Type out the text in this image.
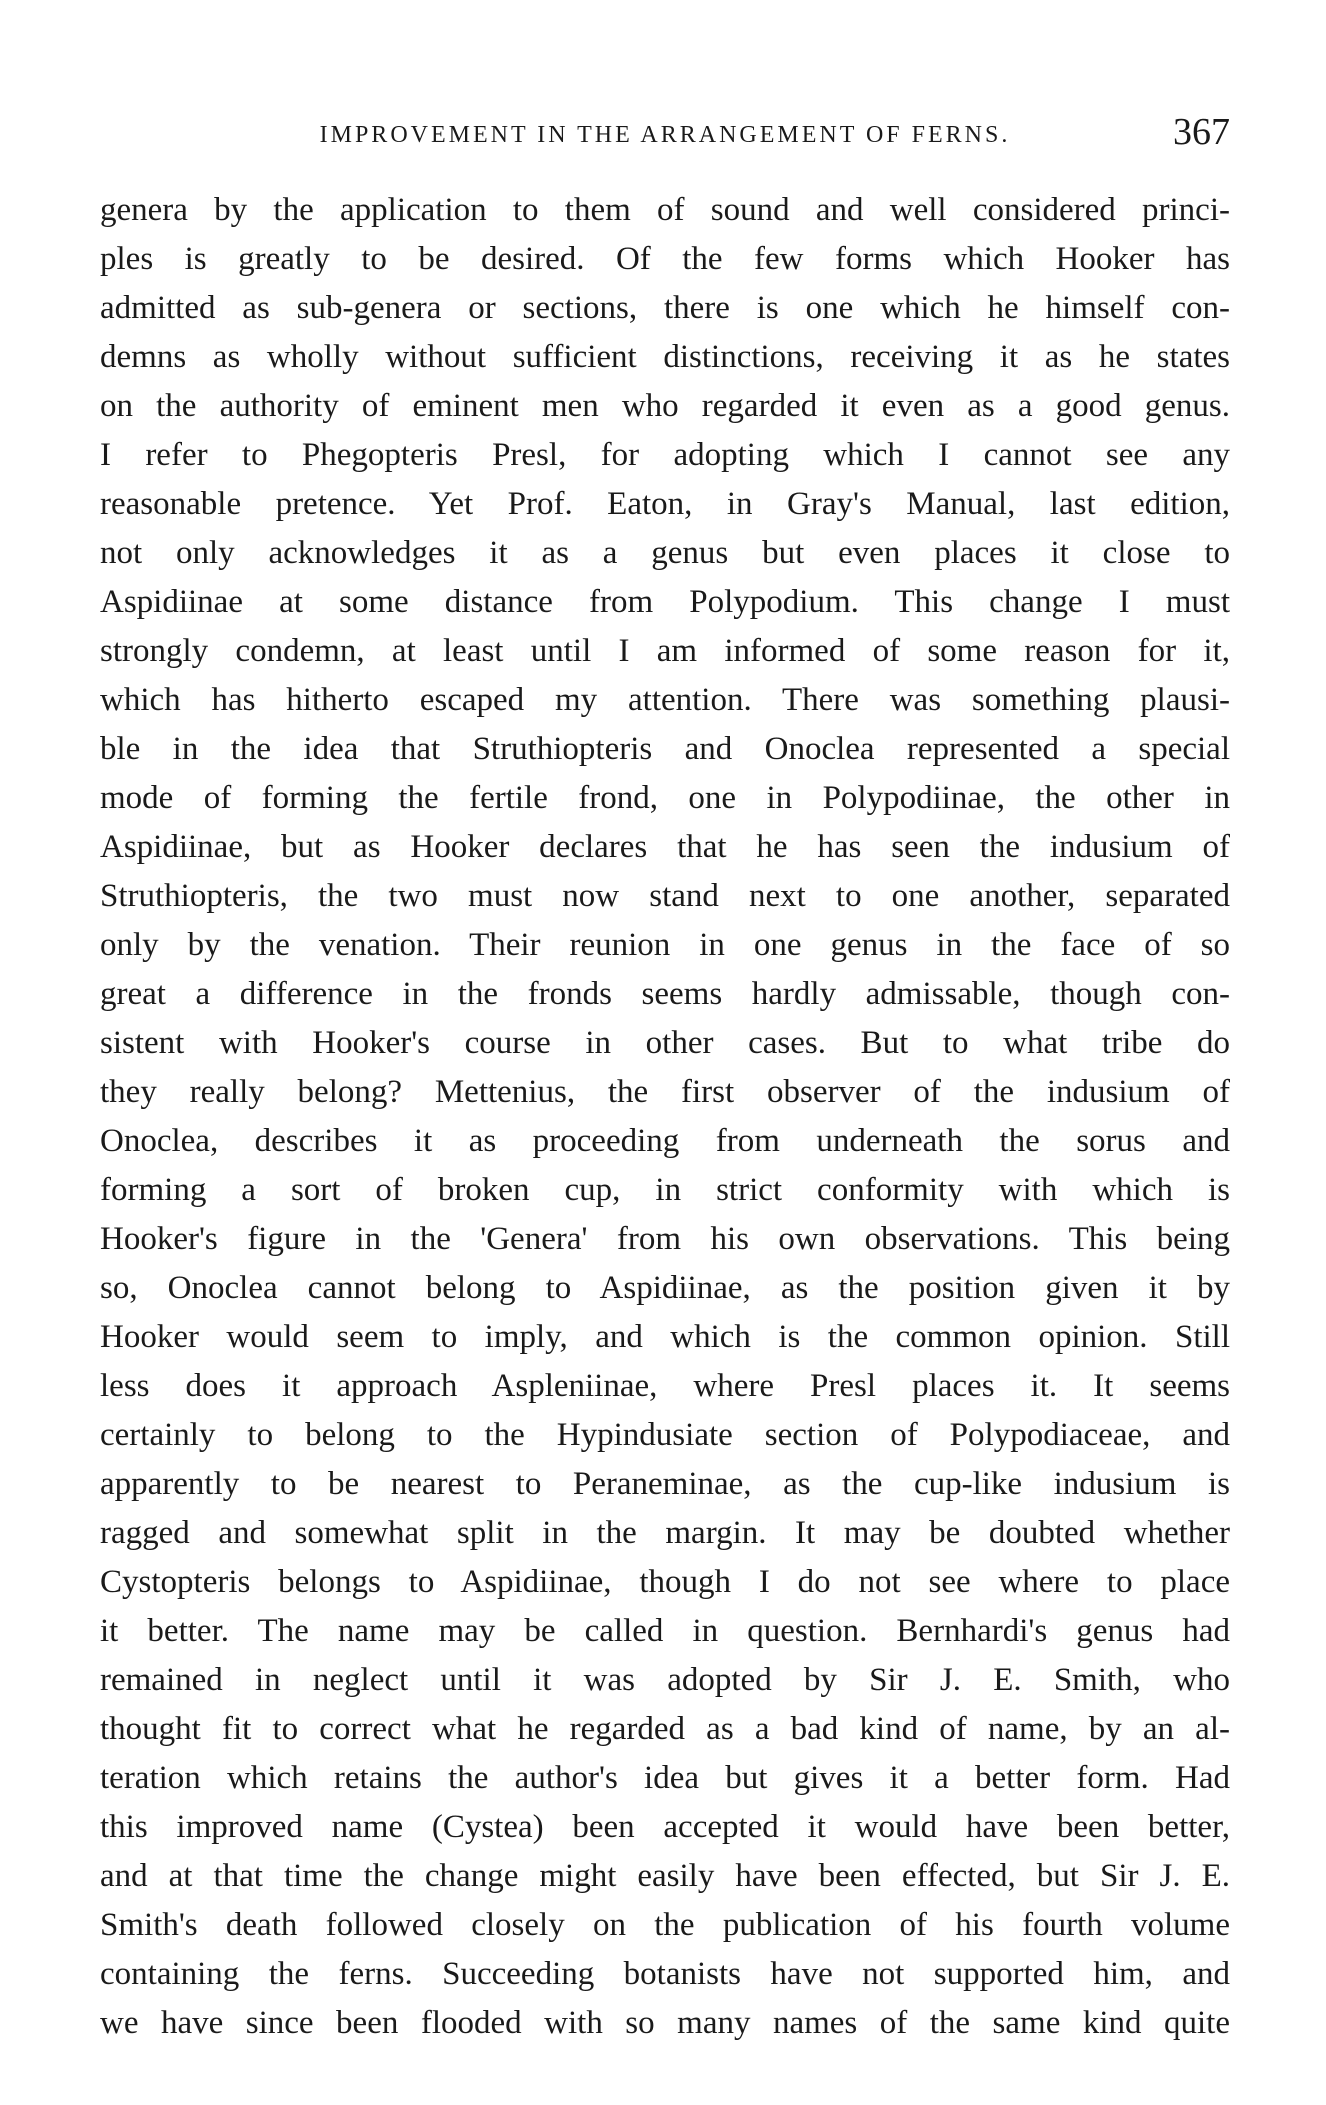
IMPROVEMENT IN THE ARRANGEMENT OF FERNS.	367
genera by the application to them of sound and well considered princi-
ples is greatly to be desired. Of the few forms which Hooker has
admitted as sub-genera or sections, there is one which he himself con-
demns as wholly without sufficient distinctions, receiving it as he states
on the authority of eminent men who regarded it even as a good genus.
I refer to Phegopteris Presl, for adopting which I cannot see any
reasonable pretence. Yet Prof. Eaton, in Gray's Manual, last edition,
not only acknowledges it as a genus but even places it close to
Aspidiinae at some distance from Polypodium. This change I must
strongly condemn, at least until I am informed of some reason for it,
which has hitherto escaped my attention. There was something plausi-
ble in the idea that Struthiopteris and Onoclea represented a special
mode of forming the fertile frond, one in Polypodiinae, the other in
Aspidiinae, but as Hooker declares that he has seen the indusium of
Struthiopteris, the two must now stand next to one another, separated
only by the venation. Their reunion in one genus in the face of so
great a difference in the fronds seems hardly admissable, though con-
sistent with Hooker's course in other cases. But to what tribe do
they really belong? Mettenius, the first observer of the indusium of
Onoclea, describes it as proceeding from underneath the sorus and
forming a sort of broken cup, in strict conformity with which is
Hooker's figure in the 'Genera' from his own observations. This being
so, Onoclea cannot belong to Aspidiinae, as the position given it by
Hooker would seem to imply, and which is the common opinion. Still
less does it approach Aspleniinae, where Presl places it. It seems
certainly to belong to the Hypindusiate section of Polypodiaceae, and
apparently to be nearest to Peraneminae, as the cup-like indusium is
ragged and somewhat split in the margin. It may be doubted whether
Cystopteris belongs to Aspidiinae, though I do not see where to place
it better. The name may be called in question. Bernhardi's genus had
remained in neglect until it was adopted by Sir J. E. Smith, who
thought fit to correct what he regarded as a bad kind of name, by an al-
teration which retains the author's idea but gives it a better form. Had
this improved name (Cystea) been accepted it would have been better,
and at that time the change might easily have been effected, but Sir J. E.
Smith's death followed closely on the publication of his fourth volume
containing the ferns. Succeeding botanists have not supported him, and
we have since been flooded with so many names of the same kind quite
